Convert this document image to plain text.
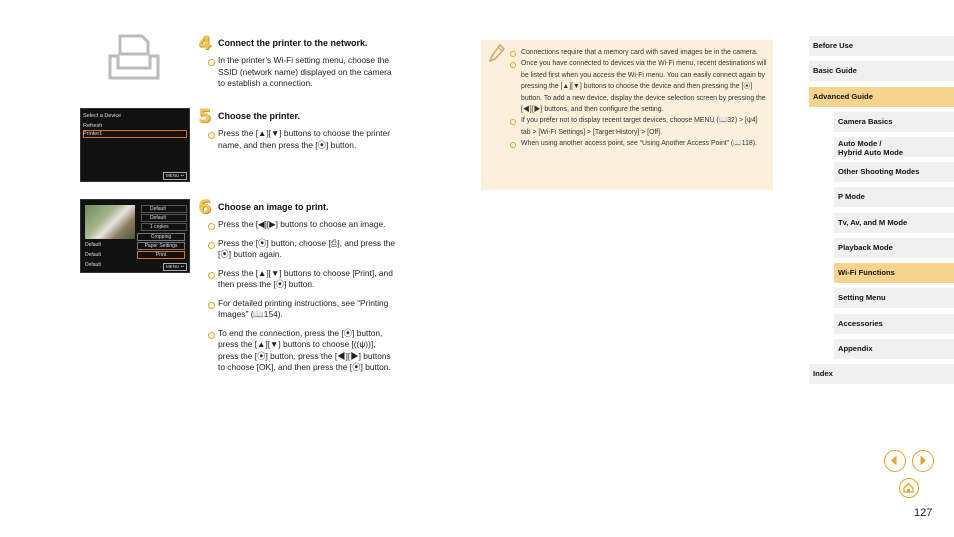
Select a Device
Refresh
Printer1
MENU ↩
Default
Default
1 copies
Cropping
Paper Settings
Print
Default
Default
Default	MENU ↩
4 Connect the printer to the network.
In the printer’s Wi-Fi setting menu, choose the SSID (network name) displayed on the camera to establish a connection.
5 Choose the printer.
Press the [▲][▼] buttons to choose the printer name, and then press the [⦿] button.
6 Choose an image to print.
Press the [◀][▶] buttons to choose an image.
Press the [⦿] button, choose [⎙], and press the [⦿] button again.
Press the [▲][▼] buttons to choose [Print], and then press the [⦿] button.
For detailed printing instructions, see “Printing Images” (📖154).
To end the connection, press the [⦿] button, press the [▲][▼] buttons to choose [((ψ))], press the [⦿] button, press the [◀][▶] buttons to choose [OK], and then press the [⦿] button.
Connections require that a memory card with saved images be in the camera.
Once you have connected to devices via the Wi-Fi menu, recent destinations will be listed first when you access the Wi-Fi menu. You can easily connect again by pressing the [▲][▼] buttons to choose the device and then pressing the [⦿] button. To add a new device, display the device selection screen by pressing the [◀][▶] buttons, and then configure the setting.
If you prefer not to display recent target devices, choose MENU (📖32) > [ψ4] tab > [Wi-Fi Settings] > [Target History] > [Off].
When using another access point, see “Using Another Access Point” (📖118).
Before Use
Basic Guide
Advanced Guide
Camera Basics
Auto Mode /
Hybrid Auto Mode
Other Shooting Modes
P Mode
Tv, Av, and M Mode
Playback Mode
Wi-Fi Functions
Setting Menu
Accessories
Appendix
Index
127
